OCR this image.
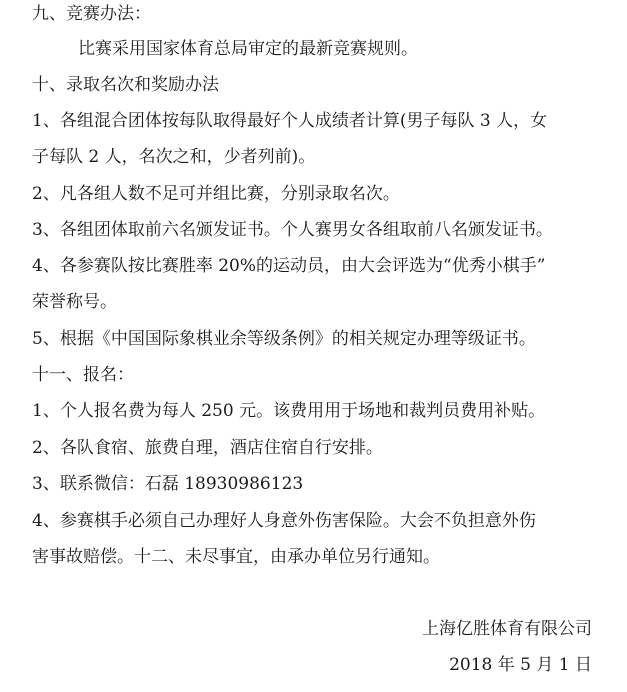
九、竞赛办法：
比赛采用国家体育总局审定的最新竞赛规则。
十、录取名次和奖励办法
1、各组混合团体按每队取得最好个人成绩者计算(男子每队 3 人，女
子每队 2 人，名次之和，少者列前)。
2、凡各组人数不足可并组比赛，分别录取名次。
3、各组团体取前六名颁发证书。个人赛男女各组取前八名颁发证书。
4、各参赛队按比赛胜率 20%的运动员，由大会评选为“优秀小棋手”
荣誉称号。
5、根据《中国国际象棋业余等级条例》的相关规定办理等级证书。
十一、报名：
1、个人报名费为每人 250 元。该费用用于场地和裁判员费用补贴。
2、各队食宿、旅费自理，酒店住宿自行安排。
3、联系微信：石磊 18930986123
4、参赛棋手必须自己办理好人身意外伤害保险。大会不负担意外伤
害事故赔偿。十二、未尽事宜，由承办单位另行通知。
上海亿胜体育有限公司
2018 年 5 月 1 日
